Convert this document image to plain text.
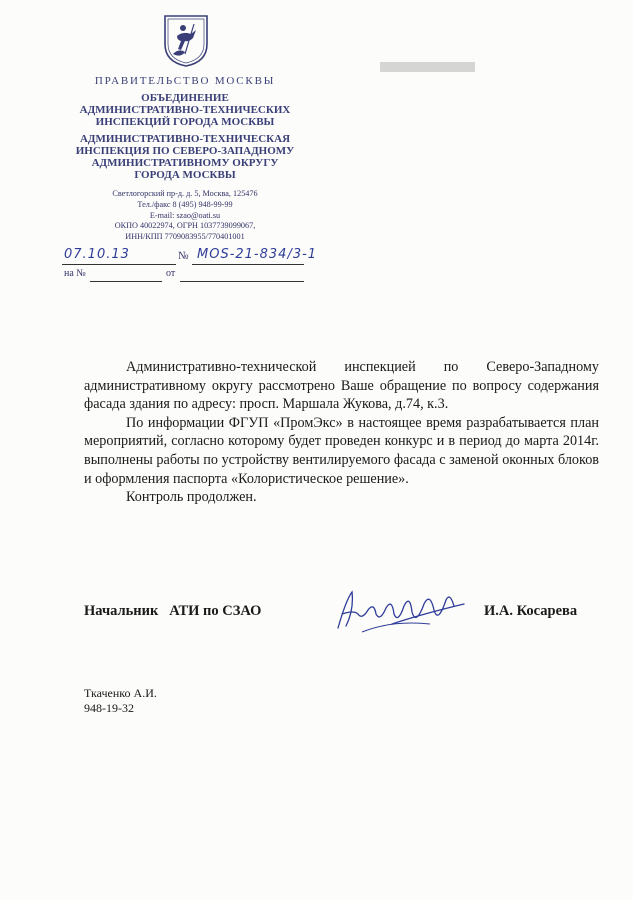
ПРАВИТЕЛЬСТВО МОСКВЫ
ОБЪЕДИНЕНИЕ
АДМИНИСТРАТИВНО-ТЕХНИЧЕСКИХ
ИНСПЕКЦИЙ ГОРОДА МОСКВЫ
АДМИНИСТРАТИВНО-ТЕХНИЧЕСКАЯ
ИНСПЕКЦИЯ ПО СЕВЕРО-ЗАПАДНОМУ
АДМИНИСТРАТИВНОМУ ОКРУГУ
ГОРОДА МОСКВЫ
Светлогорский пр-д. д. 5, Москва, 125476
Тел./факс 8 (495) 948-99-99
E-mail: szao@oati.su
ОКПО 40022974, ОГРН 1037739099067,
ИНН/КПП 7709083955/770401001
07.10.13	№ МОS-21-834/3-1
на №	от

Административно-технической инспекцией по Северо-Западному административному округу рассмотрено Ваше обращение по вопросу содержания фасада здания по адресу: просп. Маршала Жукова, д.74, к.3.

По информации ФГУП «ПромЭкс» в настоящее время разрабатывается план мероприятий, согласно которому будет проведен конкурс и в период до марта 2014г. выполнены работы по устройству вентилируемого фасада с заменой оконных блоков и оформления паспорта «Колористическое решение».

Контроль продолжен.

Начальник   АТИ по СЗАО	И.А. Косарева
Ткаченко А.И.
948-19-32
